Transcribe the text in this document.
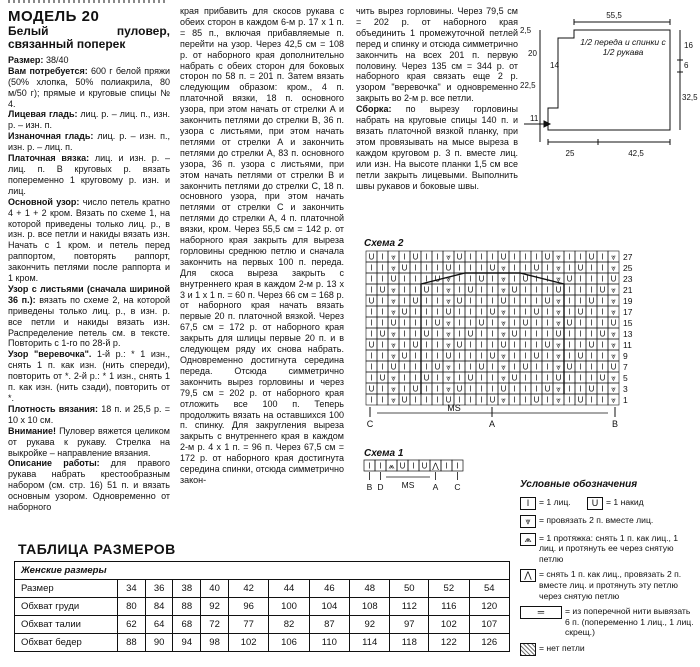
МОДЕЛЬ 20
Белый пуловер, связанный поперек

Размер: 38/40

Вам потребуется: 600 г белой пряжи (50% хлопка, 50% полиакрила, 80 м/50 г); прямые и круговые спицы № 4.

Лицевая гладь: лиц. р. – лиц. п., изн. р. – изн. п.

Изнаночная гладь: лиц. р. – изн. п., изн. р. – лиц. п.

Платочная вязка: лиц. и изн. р. – лиц. п. В круговых р. вязать попеременно 1 круговому р. изн. и лиц.

Основной узор: число петель кратно 4 + 1 + 2 кром. Вязать по схеме 1, на которой приведены только лиц. р., в изн. р. все петли и накиды вязать изн. Начать с 1 кром. и петель перед раппортом, повторять раппорт, закончить петлями после раппорта и 1 кром.

Узор с листьями (сначала шириной 36 п.): вязать по схеме 2, на которой приведены только лиц. р., в изн. р. все петли и накиды вязать изн. Распределение петель см. в тексте. Повторить с 1-го по 28-й р.

Узор "веревочка". 1-й р.: * 1 изн., снять 1 п. как изн. (нить спереди), повторить от *. 2-й р.: * 1 изн., снять 1 п. как изн. (нить сзади), повторить от *.

Плотность вязания: 18 п. и 25,5 р. = 10 х 10 см.

Внимание! Пуловер вяжется целиком от рукава к рукаву. Стрелка на выкройке – направление вязания.

Описание работы: для правого рукава набрать крестообразным набором (см. стр. 16) 51 п. и вязать основным узором. Одновременно от наборного

края прибавить для скосов рукава с обеих сторон в каждом 6-м р. 17 х 1 п. = 85 п., включая прибавляемые п. перейти на узор. Через 42,5 см = 108 р. от наборного края дополнительно набрать с обеих сторон для боковых сторон по 58 п. = 201 п. Затем вязать следующим образом: кром., 4 п. платочной вязки, 18 п. основного узора, при этом начать от стрелки А и закончить петлями до стрелки B, 36 п. узора с листьями, при этом начать петлями от стрелки А и закончить петлями до стрелки А, 83 п. основного узора, 36 п. узора с листьями, при этом начать петлями от стрелки В и закончить петлями до стрелки С, 18 п. основного узора, при этом начать петлями от стрелки С и закончить петлями до стрелки А, 4 п. платочной вязки, кром. Через 55,5 см = 142 р. от наборного края закрыть для выреза горловины среднюю петлю и сначала закончить на первых 100 п. переда. Для скоса выреза закрыть с внутреннего края в каждом 2-м р. 13 х 3 и 1 х 1 п. = 60 п. Через 66 см = 168 р. от наборного края начать вязать первые 20 п. платочной вязкой. Через 67,5 см = 172 р. от наборного края закрыть для шлицы первые 20 п. и в следующем ряду их снова набрать. Одновременно достигнута середина переда. Отсюда симметрично закончить вырез горловины и через 79,5 см = 202 р. от наборного края отложить все 100 п. Теперь продолжить вязать на оставшихся 100 п. спинку. Для закругления выреза закрыть с внутреннего края в каждом 2-м р. 4 х 1 п. = 96 п. Через 67,5 см = 172 р. от наборного края достигнута середина спинки, отсюда симметрично закон-

чить вырез горловины. Через 79,5 см = 202 р. от наборного края объединить 1 промежуточной петлей перед и спинку и отсюда симметрично закончить на всех 201 п. первую половину. Через 135 см = 344 р. от наборного края связать еще 2 р. узором "веревочка" и одновременно закрыть во 2-м р. все петли.

Сборка: по вырезу горловины набрать на круговые спицы 140 п. и вязать платочной вязкой планку, при этом провязывать на мысе выреза в каждом круговом р. 3 п. вместе лиц. или изн. На высоте планки 1,5 см все петли закрыть лицевыми. Выполнить швы рукавов и боковые швы.

55,5
2,5
20
14
22,5
11
16
6
32,5
25	42,5
1/2 переда и спинки с 1/2 рукава
Схема 2
U I ⩔ I U I I ⩔ U I I I U I I I U ⩔ I I U I ⩔
I I ⩔ U I I I U I I I U ⩔ I I U I ⩔ I U I I ⩔
I I U I I I U ⩔ I I U I ⩔ I U I I ⩔ U I I I U
I U ⩔ I I U I ⩔ I U I I ⩔ U I I I U I I I U ⩔
U I ⩔ I U I I ⩔ U I I I U I I I U ⩔ I I U I ⩔
I I ⩔ U I I I U I I I U ⩔ I I U I ⩔ I U I I ⩔
I I U I I I U ⩔ I I U I ⩔ I U I I ⩔ U I I I U
I U ⩔ I I U I ⩔ I U I I ⩔ U I I I U I I I U ⩔
U I ⩔ I U I I ⩔ U I I I U I I I U ⩔ I I U I ⩔
I I ⩔ U I I I U I I I U ⩔ I I U I ⩔ I U I I ⩔
I I U I I I U ⩔ I I U I ⩔ I U I I ⩔ U I I I U
I U ⩔ I I U I ⩔ I U I I ⩔ U I I I U I I I U ⩔
U I ⩔ I U I I ⩔ U I I I U I I I U ⩔ I I U I ⩔
I I ⩔ U I I I U I I I U ⩔ I I U I ⩔ I U I I ⩔
27
25
23
21
19
17
15
13
11
9
7
5
3
1
C	A	B
MS
Схема 1
I I ⩕ U I U ⋀ I I
B D	A C
MS	Условные обозначения
I	= 1 лиц.	U = 1 накид
⩔ = провязать 2 п. вместе лиц.
⩕ = 1 протяжка: снять 1 п. как лиц., 1 лиц. и протянуть ее через снятую петлю
⋀ = снять 1 п. как лиц., провязать 2 п. вместе лиц. и протянуть эту петлю через снятую петлю
═	= из поперечной нити вывязать 6 п. (попеременно 1 лиц., 1 лиц. скрещ.)
= нет петли
ТАБЛИЦА РАЗМЕРОВ
Женские размеры											
Размер	34	36	38	40	42	44	46	48	50	52	54
Обхват груди	80	84	88	92	96	100	104	108	112	116	120
Обхват талии	62	64	68	72	77	82	87	92	97	102	107
Обхват бедер	88	90	94	98	102	106	110	114	118	122	126
